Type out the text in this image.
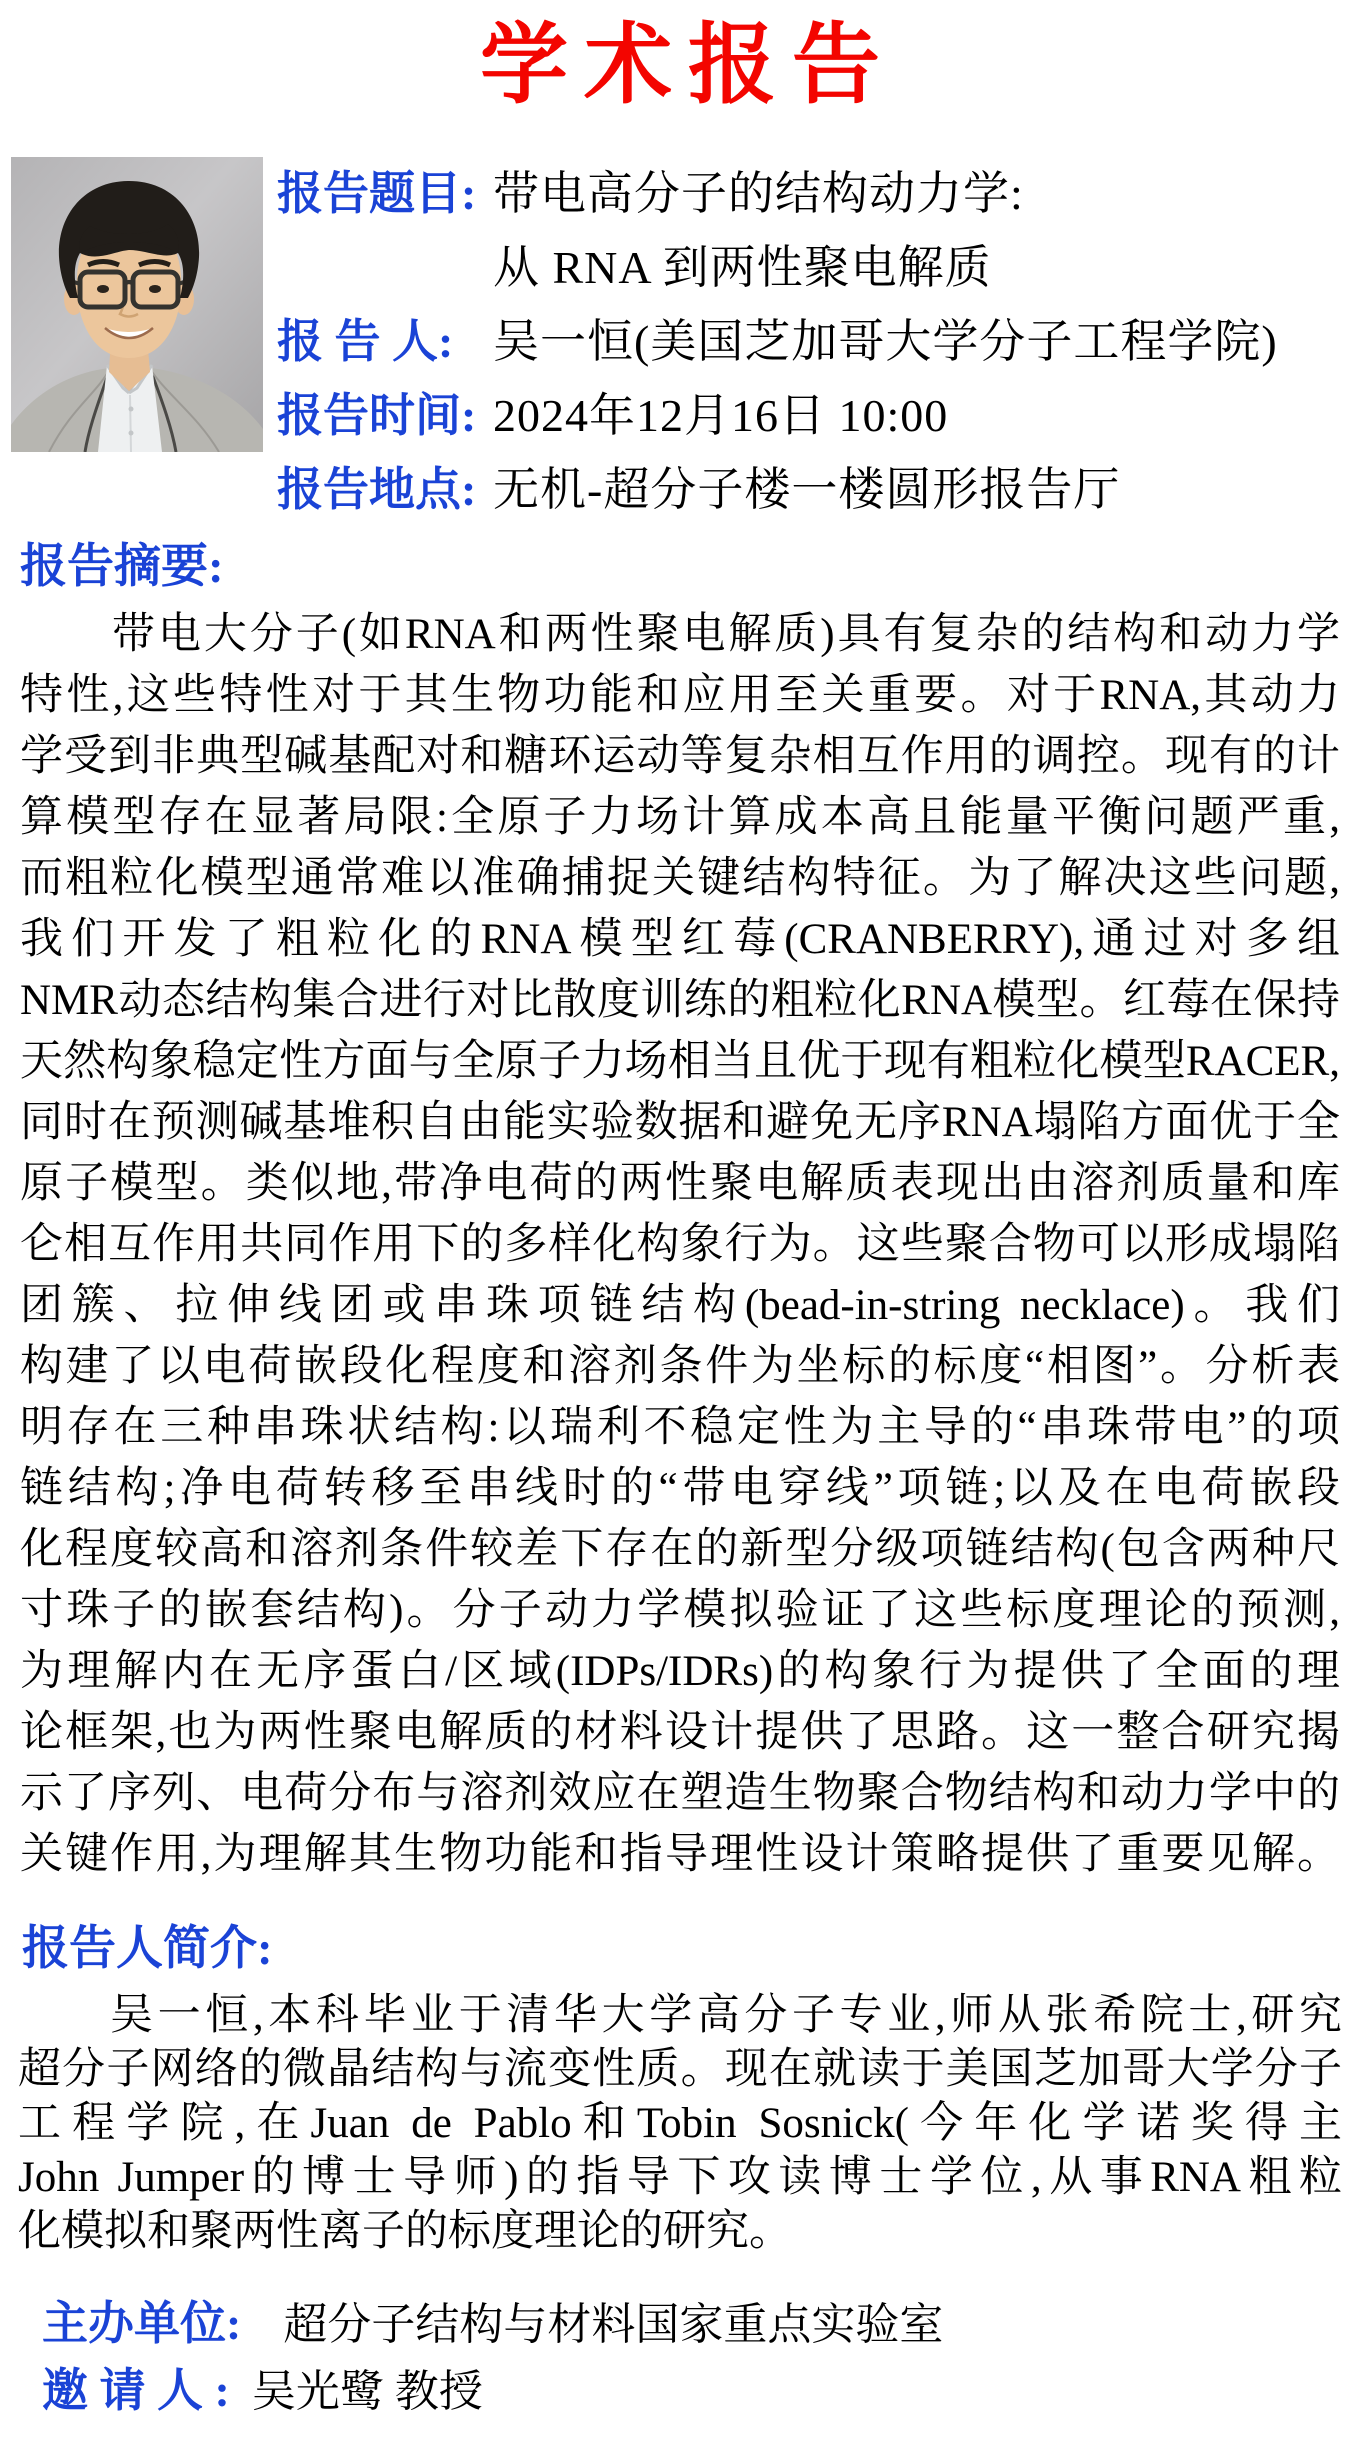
学术报告
报告题目: 带电高分子的结构动力学:
从 RNA 到两性聚电解质
报 告 人: 吴一恒(美国芝加哥大学分子工程学院)
报告时间: 2024年12月16日 10:00
报告地点: 无机-超分子楼一楼圆形报告厅
报告摘要:
带电大分子(如RNA和两性聚电解质)具有复杂的结构和动力学
特性,这些特性对于其生物功能和应用至关重要。对于RNA,其动力
学受到非典型碱基配对和糖环运动等复杂相互作用的调控。现有的计
算模型存在显著局限:全原子力场计算成本高且能量平衡问题严重,
而粗粒化模型通常难以准确捕捉关键结构特征。为了解决这些问题,
我们开发了粗粒化的RNA模型红莓(CRANBERRY),通过对多组
NMR动态结构集合进行对比散度训练的粗粒化RNA模型。红莓在保持
天然构象稳定性方面与全原子力场相当且优于现有粗粒化模型RACER,
同时在预测碱基堆积自由能实验数据和避免无序RNA塌陷方面优于全
原子模型。类似地,带净电荷的两性聚电解质表现出由溶剂质量和库
仑相互作用共同作用下的多样化构象行为。这些聚合物可以形成塌陷
团簇、拉伸线团或串珠项链结构(bead-in-string necklace)。我们
构建了以电荷嵌段化程度和溶剂条件为坐标的标度“相图”。分析表
明存在三种串珠状结构:以瑞利不稳定性为主导的“串珠带电”的项
链结构;净电荷转移至串线时的“带电穿线”项链;以及在电荷嵌段
化程度较高和溶剂条件较差下存在的新型分级项链结构(包含两种尺
寸珠子的嵌套结构)。分子动力学模拟验证了这些标度理论的预测,
为理解内在无序蛋白/区域(IDPs/IDRs)的构象行为提供了全面的理
论框架,也为两性聚电解质的材料设计提供了思路。这一整合研究揭
示了序列、电荷分布与溶剂效应在塑造生物聚合物结构和动力学中的
关键作用,为理解其生物功能和指导理性设计策略提供了重要见解。
报告人简介:
吴一恒,本科毕业于清华大学高分子专业,师从张希院士,研究
超分子网络的微晶结构与流变性质。现在就读于美国芝加哥大学分子
工程学院,在Juan de Pablo和Tobin Sosnick(今年化学诺奖得主
John Jumper的博士导师)的指导下攻读博士学位,从事RNA粗粒
化模拟和聚两性离子的标度理论的研究。
主办单位: 超分子结构与材料国家重点实验室
邀 请 人 : 吴光鹭 教授
